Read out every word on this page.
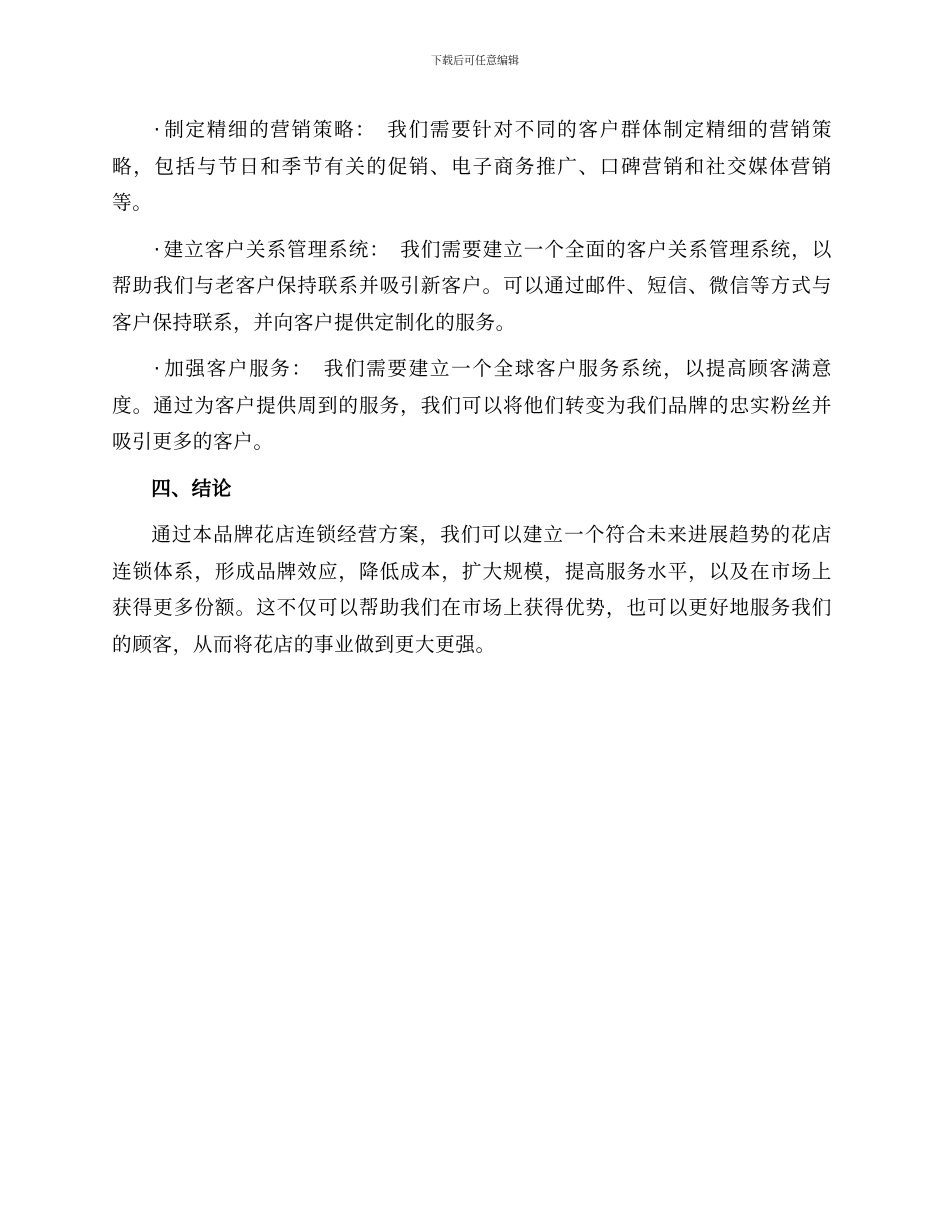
下载后可任意编辑

· 制定精细的营销策略： 我们需要针对不同的客户群体制定精细的营销策略，包括与节日和季节有关的促销、电子商务推广、口碑营销和社交媒体营销等。

· 建立客户关系管理系统： 我们需要建立一个全面的客户关系管理系统，以帮助我们与老客户保持联系并吸引新客户。可以通过邮件、短信、微信等方式与客户保持联系，并向客户提供定制化的服务。

· 加强客户服务： 我们需要建立一个全球客户服务系统，以提高顾客满意度。通过为客户提供周到的服务，我们可以将他们转变为我们品牌的忠实粉丝并吸引更多的客户。

四、结论

通过本品牌花店连锁经营方案，我们可以建立一个符合未来进展趋势的花店连锁体系，形成品牌效应，降低成本，扩大规模，提高服务水平，以及在市场上获得更多份额。这不仅可以帮助我们在市场上获得优势，也可以更好地服务我们的顾客，从而将花店的事业做到更大更强。
